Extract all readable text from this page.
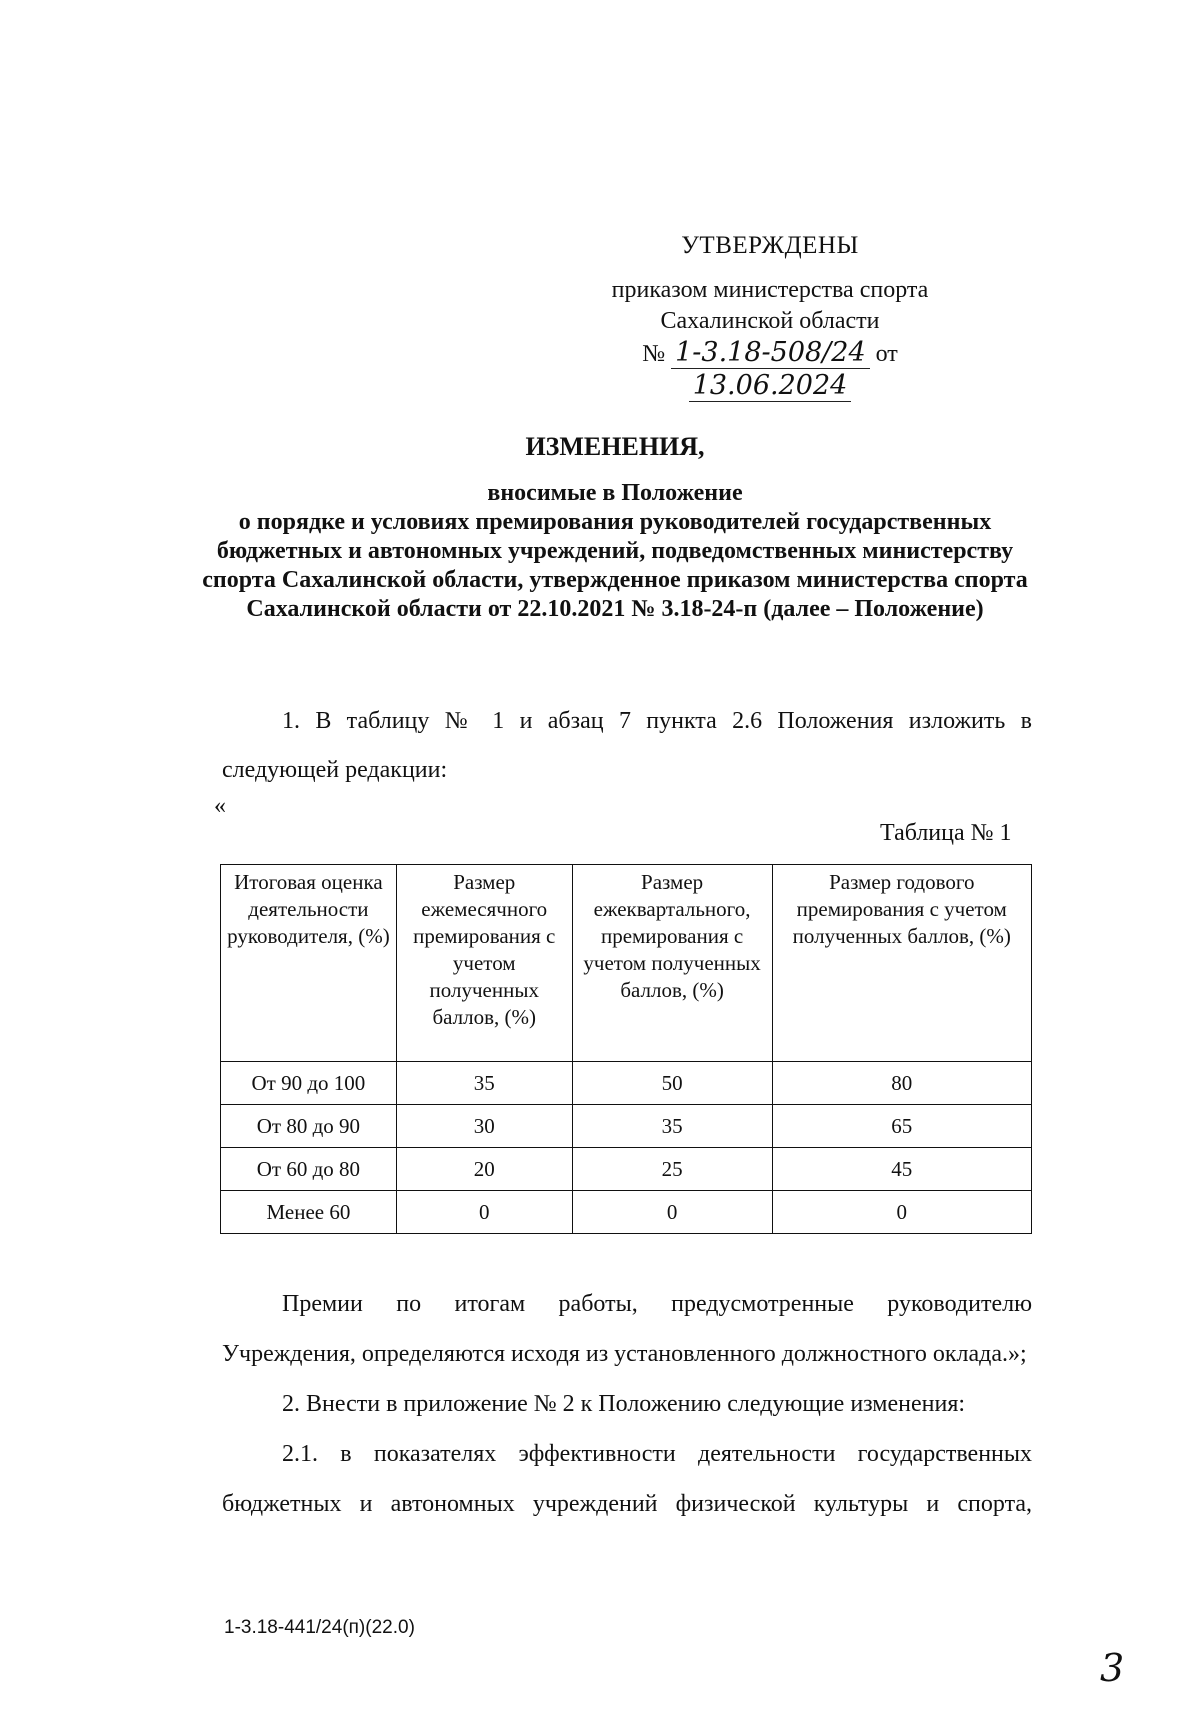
УТВЕРЖДЕНЫ
приказом министерства спорта
Сахалинской области
№ 1-3.18-508/24 от 13.06.2024
ИЗМЕНЕНИЯ,
вносимые в Положение
о порядке и условиях премирования руководителей государственных бюджетных и автономных учреждений, подведомственных министерству спорта Сахалинской области, утвержденное приказом министерства спорта Сахалинской области от 22.10.2021 № 3.18-24-п (далее – Положение)
1. В таблицу № 1 и абзац 7 пункта 2.6 Положения изложить в
следующей редакции:
«
Таблица № 1
Итоговая оценка деятельности руководителя, (%)	Размер ежемесячного премирования с учетом полученных баллов, (%)	Размер ежеквартального, премирования с учетом полученных баллов, (%)	Размер годового премирования с учетом полученных баллов, (%)
От 90 до 100	35	50	80
От 80 до 90	30	35	65
От 60 до 80	20	25	45
Менее 60	0	0	0
Премии по итогам работы, предусмотренные руководителю
Учреждения, определяются исходя из установленного должностного оклада.»;
2. Внести в приложение № 2 к Положению следующие изменения:
2.1. в показателях эффективности деятельности государственных
бюджетных и автономных учреждений физической культуры и спорта,
1-3.18-441/24(п)(22.0)
3
